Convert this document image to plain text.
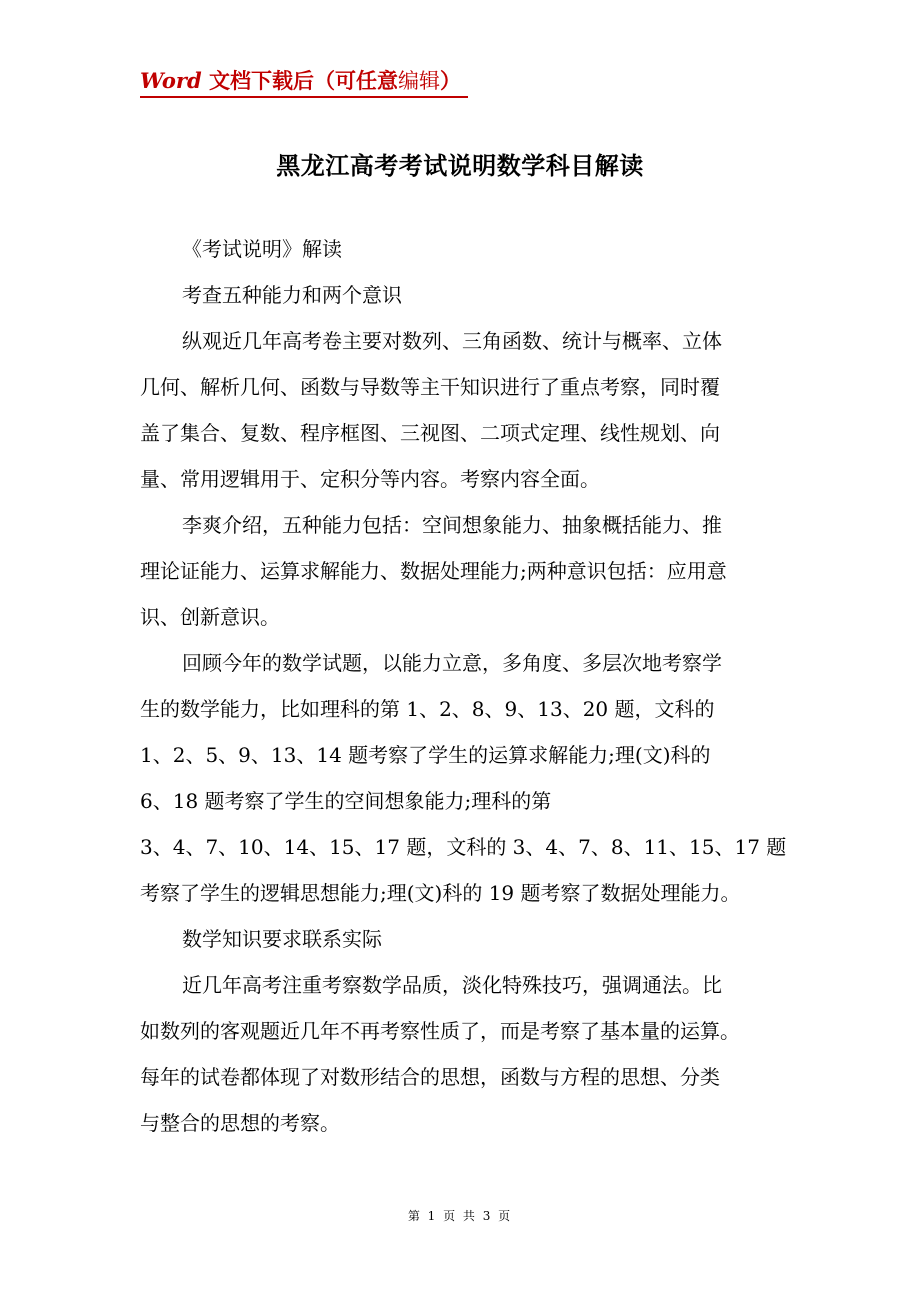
Word 文档下载后（可任意编辑）
黑龙江高考考试说明数学科目解读

《考试说明》解读

考查五种能力和两个意识

纵观近几年高考卷主要对数列、三角函数、统计与概率、立体
几何、解析几何、函数与导数等主干知识进行了重点考察，同时覆
盖了集合、复数、程序框图、三视图、二项式定理、线性规划、向
量、常用逻辑用于、定积分等内容。考察内容全面。

李爽介绍，五种能力包括：空间想象能力、抽象概括能力、推
理论证能力、运算求解能力、数据处理能力;两种意识包括：应用意
识、创新意识。

回顾今年的数学试题，以能力立意，多角度、多层次地考察学
生的数学能力，比如理科的第 1、2、8、9、13、20 题，文科的
1、2、5、9、13、14 题考察了学生的运算求解能力;理(文)科的
6、18 题考察了学生的空间想象能力;理科的第
3、4、7、10、14、15、17 题，文科的 3、4、7、8、11、15、17 题
考察了学生的逻辑思想能力;理(文)科的 19 题考察了数据处理能力。

数学知识要求联系实际

近几年高考注重考察数学品质，淡化特殊技巧，强调通法。比
如数列的客观题近几年不再考察性质了，而是考察了基本量的运算。
每年的试卷都体现了对数形结合的思想，函数与方程的思想、分类
与整合的思想的考察。

第 1 页 共 3 页
